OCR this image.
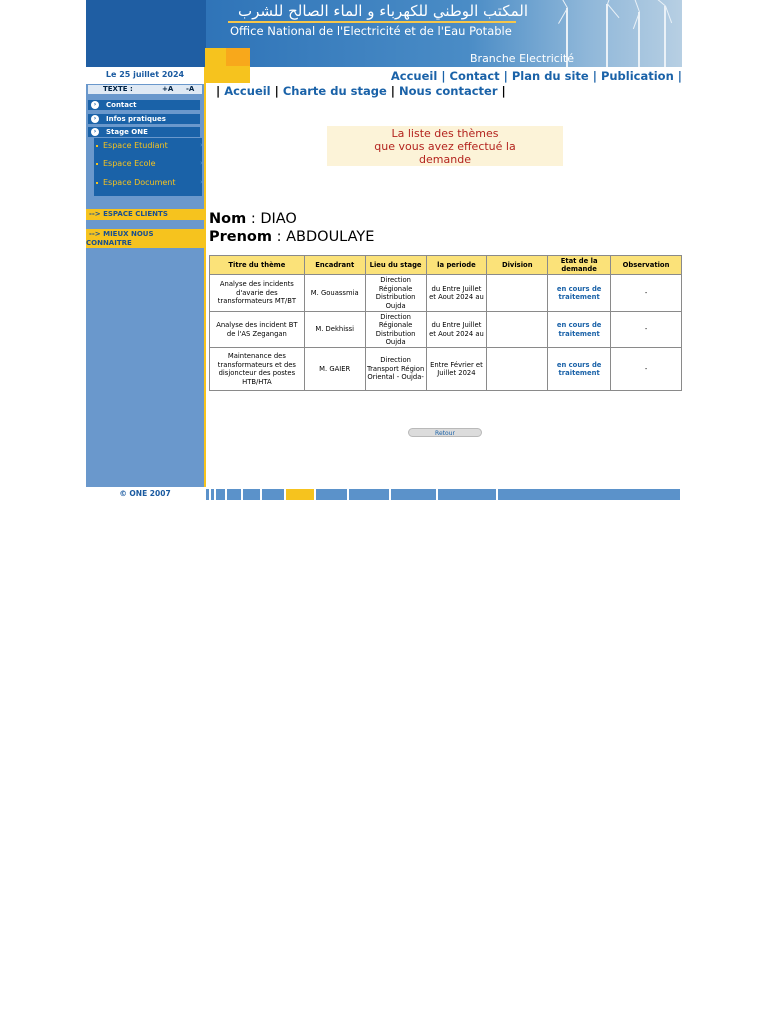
المكتب الوطني للكهرباء و الماء الصالح للشرب
Office National de l'Electricité et de l'Eau Potable
Branche Electricité
Le 25 juillet 2024
TEXTE :	+A -A
›	Contact
›	Infos pratiques
›	Stage ONE
Espace Etudiant	›
Espace Ecole	›
Espace Document	›
--> ESPACE CLIENTS
--> MIEUX NOUS
CONNAITRE
© ONE 2007
Accueil | Contact | Plan du site | Publication |
| Accueil | Charte du stage | Nous contacter |
La liste des thèmes
que vous avez effectué la
demande
Nom : DIAO
Prenom : ABDOULAYE
Titre du thème	Encadrant	Lieu du stage	la periode	Division	Etat de la demande	Observation
Analyse des incidents d'avarie des transformateurs MT/BT	M. Gouassmia	Direction Régionale Distribution Oujda	du Entre Juillet et Aout 2024 au		en cours de traitement	-
Analyse des incident BT de l'AS Zegangan	M. Dekhissi	Direction Régionale Distribution Oujda	du Entre Juillet et Aout 2024 au		en cours de traitement	-
Maintenance des transformateurs et des disjoncteur des postes HTB/HTA	M. GAIER	Direction Transport Région Oriental - Oujda-	Entre Février et Juillet 2024		en cours de traitement	-
Retour
